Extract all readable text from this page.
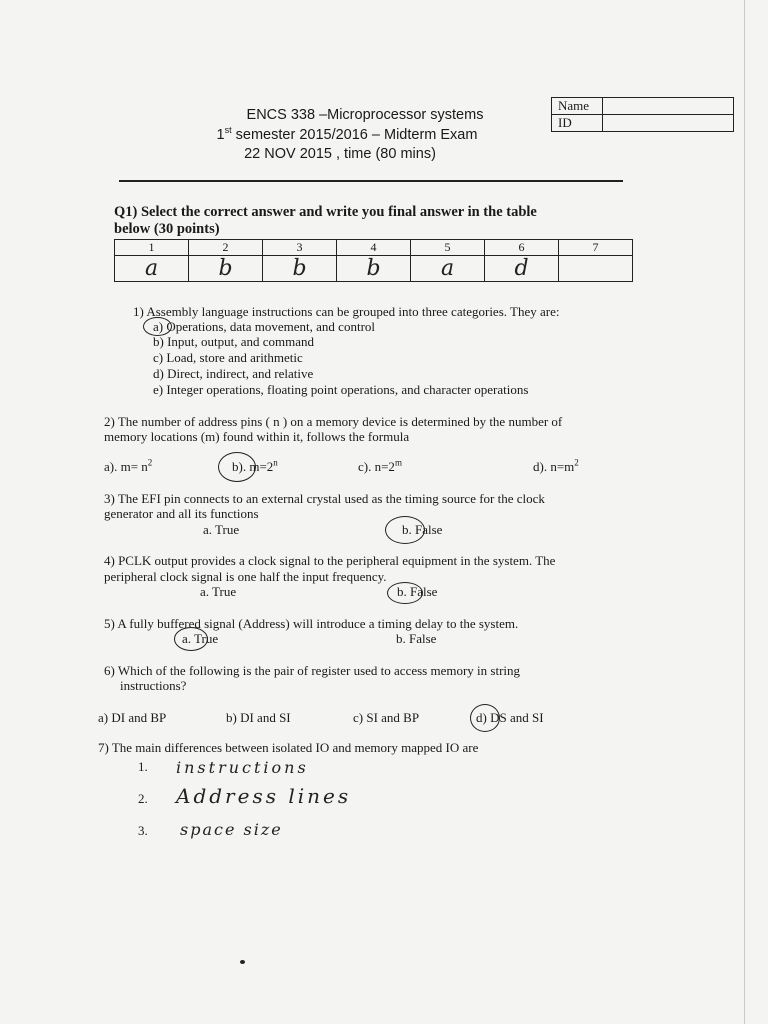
ENCS 338 –Microprocessor systems
1st semester 2015/2016 – Midterm Exam
22 NOV 2015 , time (80 mins)
Name	
ID	
Q1) Select the correct answer and write you final answer in the table
below (30 points)
1	2	3	4	5	6	7
a	b	b	b	a	d	
1) Assembly language instructions can be grouped into three categories. They are:
a) Operations, data movement, and control
b) Input, output, and command
c) Load, store and arithmetic
d) Direct, indirect, and relative
e) Integer operations, floating point operations, and character operations
2) The number of address pins ( n ) on a memory device is determined by the number of
memory locations (m) found within it, follows the formula
a). $m= n^2$	b). $m=2^n$	c). $n=2^m$	d). $n=m^2$
3) The EFI pin connects to an external crystal used as the timing source for the clock
generator and all its functions
a. True	b. False
4) PCLK output provides a clock signal to the peripheral equipment in the system. The
peripheral clock signal is one half the input frequency.
a. True	b. False
5) A fully buffered signal (Address) will introduce a timing delay to the system.
a. True	b. False
6) Which of the following is the pair of register used to access memory in string
instructions?
a) DI and BP	b) DI and SI	c) SI and BP	d) DS and SI
7) The main differences between isolated IO and memory mapped IO are
1. instructions
2. Address lines
3. space size
